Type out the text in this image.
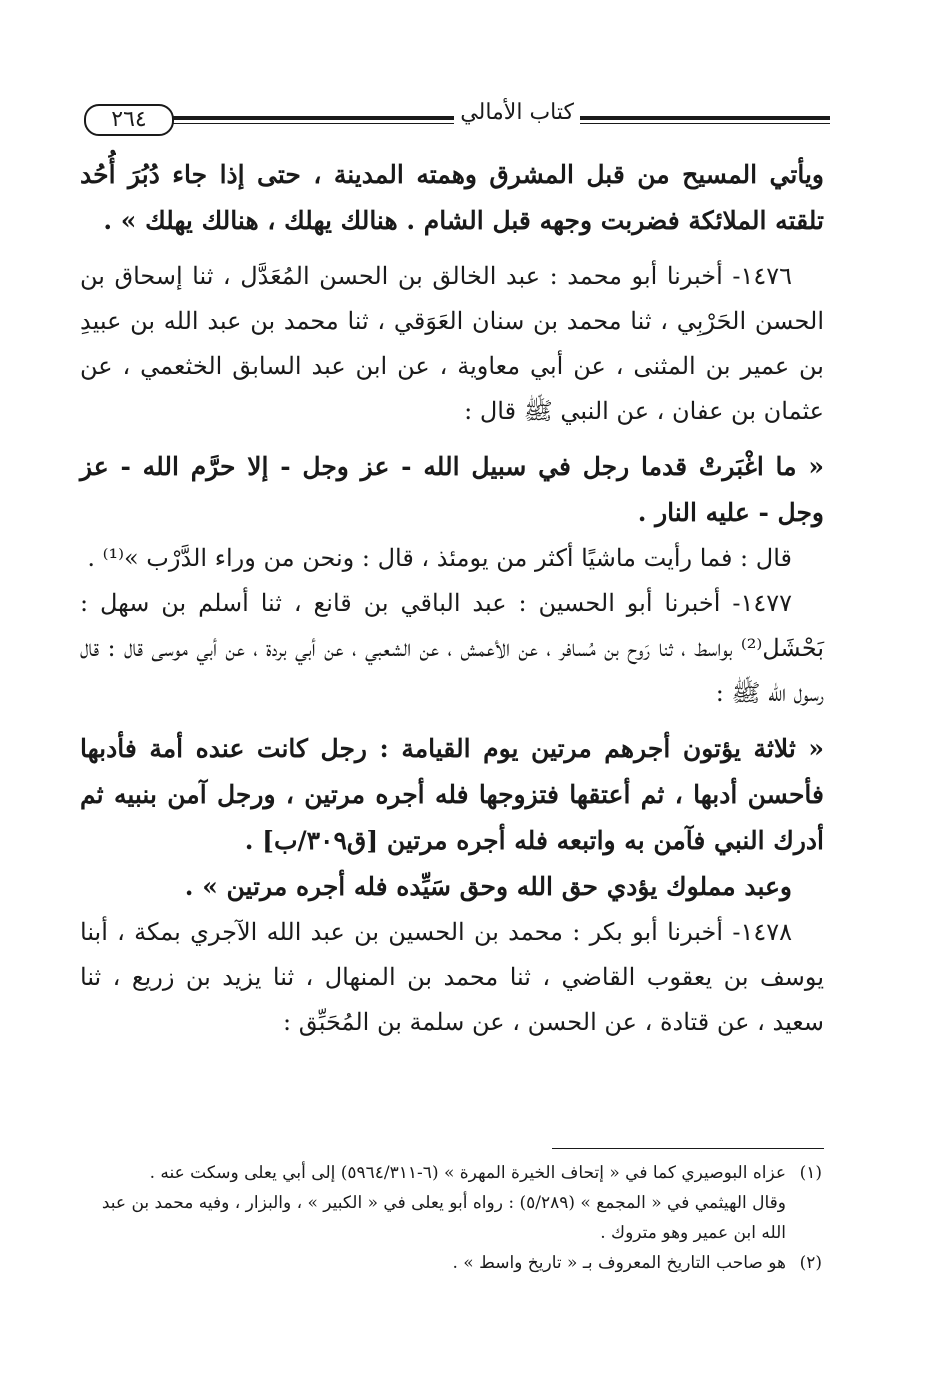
٢٦٤	كتاب الأمالي

ويأتي المسيح من قبل المشرق وهمته المدينة ، حتى إذا جاء دُبُرَ أُحُد تلقته الملائكة فضربت وجهه قبل الشام . هنالك يهلك ، هنالك يهلك » .

١٤٧٦- أخبرنا أبو محمد : عبد الخالق بن الحسن المُعَدَّل ، ثنا إسحاق بن الحسن الحَرْبِي ، ثنا محمد بن سنان العَوَقي ، ثنا محمد بن عبد الله بن عبيدِ بن عمير بن المثنى ، عن أبي معاوية ، عن ابن عبد السابق الخثعمي ، عن عثمان بن عفان ، عن النبي ﷺ قال :

« ما اغْبَرتْ قدما رجل في سبيل الله - عز وجل - إلا حرَّم الله - عز وجل - عليه النار .

قال : فما رأيت ماشيًا أكثر من يومئذ ، قال : ونحن من وراء الدَّرْب »⁽¹⁾ .

١٤٧٧- أخبرنا أبو الحسين : عبد الباقي بن قانع ، ثنا أسلم بن سهل : بَحْشَل⁽²⁾ بواسط ، ثنا رَوح بن مُسافر ، عن الأعمش ، عن الشعبي ، عن أبي بردة ، عن أبي موسى قال : قال رسول الله ﷺ :

« ثلاثة يؤتون أجرهم مرتين يوم القيامة : رجل كانت عنده أمة فأدبها فأحسن أدبها ، ثم أعتقها فتزوجها فله أجره مرتين ، ورجل آمن بنبيه ثم أدرك النبي فآمن به واتبعه فله أجره مرتين [ق٣٠٩/ب] .

وعبد مملوك يؤدي حق الله وحق سَيِّده فله أجره مرتين » .

١٤٧٨- أخبرنا أبو بكر : محمد بن الحسين بن عبد الله الآجري بمكة ، أبنا يوسف بن يعقوب القاضي ، ثنا محمد بن المنهال ، ثنا يزيد بن زريع ، ثنا سعيد ، عن قتادة ، عن الحسن ، عن سلمة بن المُحَبِّق :

(١)
عزاه البوصيري كما في « إتحاف الخيرة المهرة » (٦-٥٩٦٤/٣١١) إلى أبي يعلى وسكت عنه .
وقال الهيثمي في « المجمع » (٥/٢٨٩) : رواه أبو يعلى في « الكبير » ، والبزار ، وفيه محمد بن عبد الله ابن عمير وهو متروك .
(٢)
هو صاحب التاريخ المعروف بـ « تاريخ واسط » .
